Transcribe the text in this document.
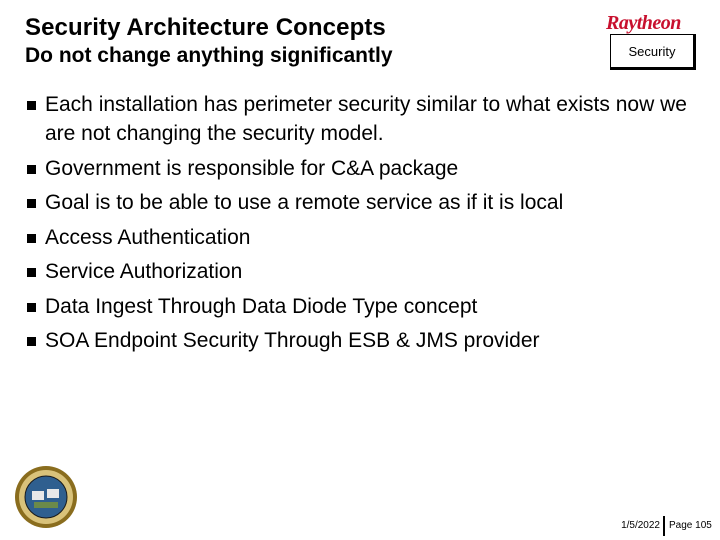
Security Architecture Concepts
Do not change anything significantly
Raytheon
Security
Each installation has perimeter security similar to what exists now we are not changing the security model.
Government is responsible for C&A package
Goal is to be able to use a remote service as if it is local
Access Authentication
Service Authorization
Data Ingest Through Data Diode Type concept
SOA Endpoint Security Through ESB & JMS provider
1/5/2022 Page 105
